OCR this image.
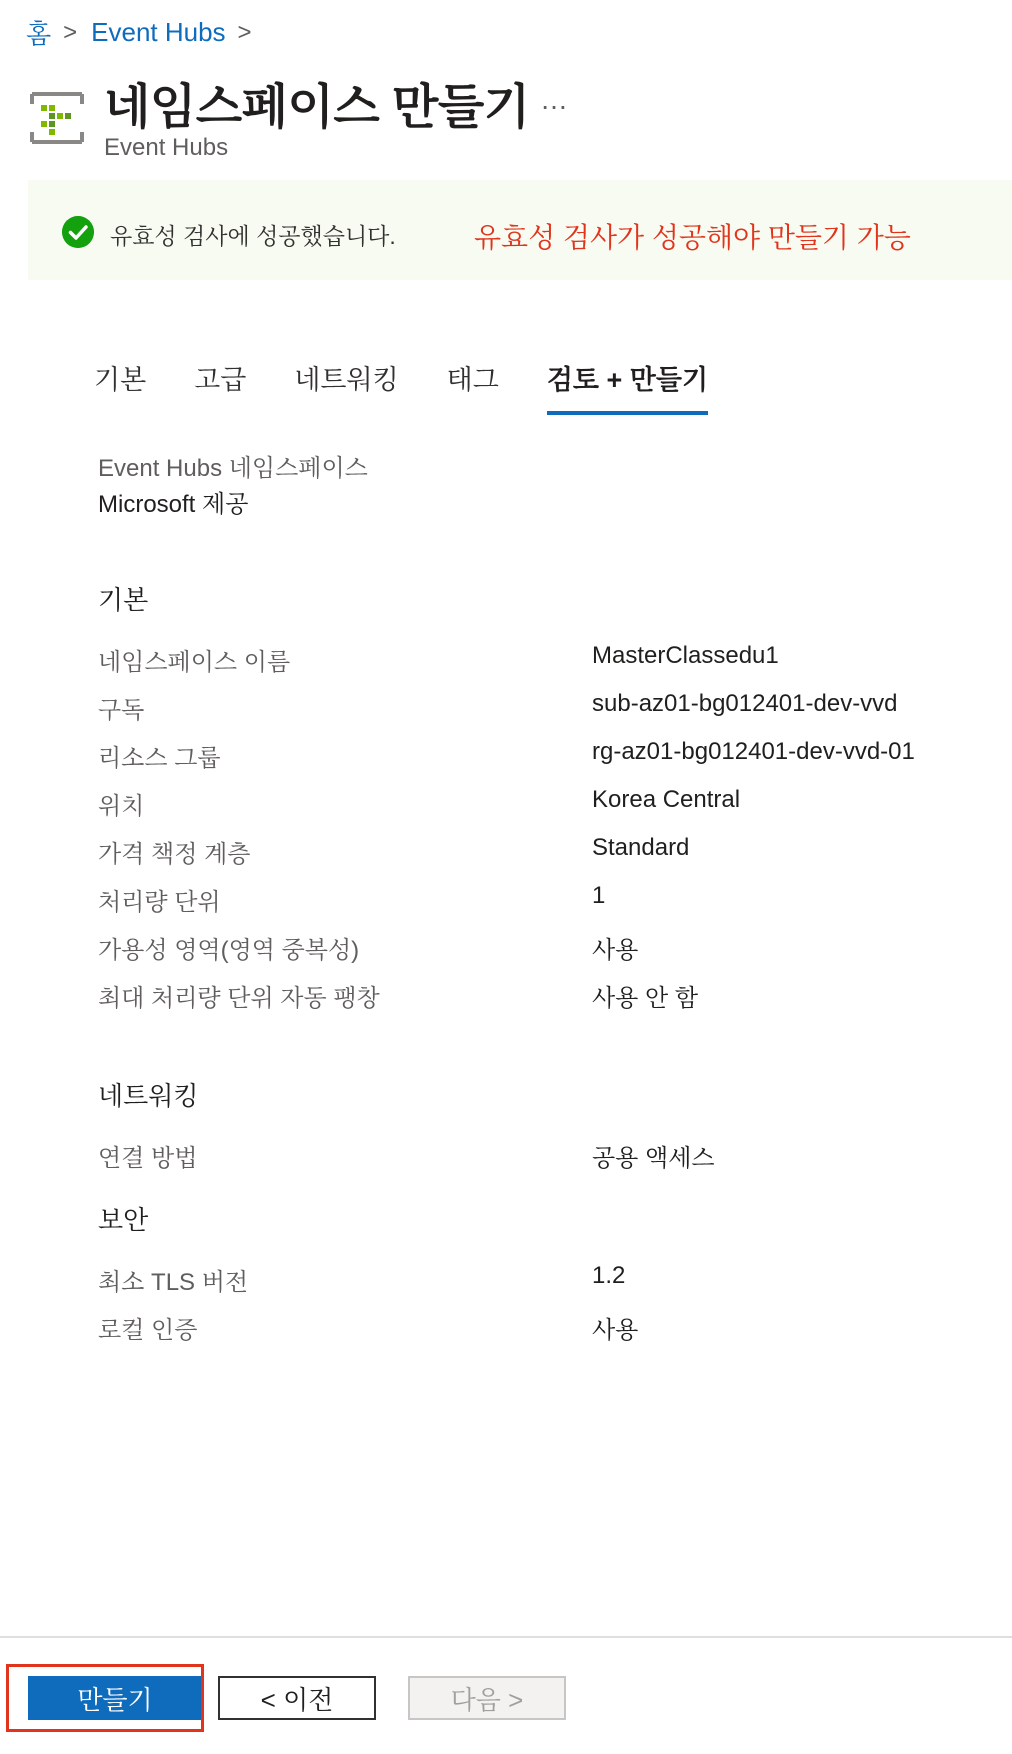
홈 > Event Hubs >
네임스페이스 만들기 …
Event Hubs
유효성 검사에 성공했습니다.	유효성 검사가 성공해야 만들기 가능
기본 고급 네트워킹 태그 검토 + 만들기
Event Hubs 네임스페이스
Microsoft 제공
기본
네임스페이스 이름	MasterClassedu1
구독	sub-az01-bg012401-dev-vvd
리소스 그룹	rg-az01-bg012401-dev-vvd-01
위치	Korea Central
가격 책정 계층	Standard
처리량 단위	1
가용성 영역(영역 중복성)	사용
최대 처리량 단위 자동 팽창	사용 안 함
네트워킹
연결 방법	공용 액세스
보안
최소 TLS 버전	1.2
로컬 인증	사용
만들기	< 이전	다음 >
